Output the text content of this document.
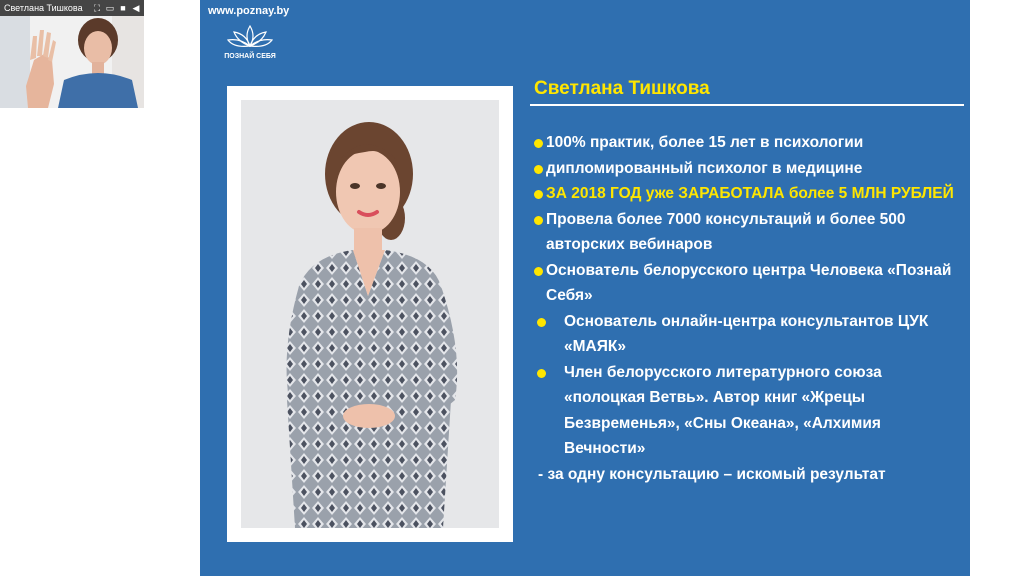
Светлана Тишкова ⛶ ▭ ■ ◀	www.poznay.by
ПОЗНАЙ СЕБЯ
Светлана Тишкова
100% практик, более 15 лет в психологии
дипломированный психолог в медицине
ЗА 2018 ГОД уже ЗАРАБОТАЛА более 5 МЛН РУБЛЕЙ
Провела более 7000 консультаций и более 500 авторских вебинаров
Основатель белорусского центра Человека «Познай Себя»
Основатель онлайн-центра консультантов ЦУК «МАЯК»
Член белорусского литературного союза «полоцкая Ветвь». Автор книг «Жрецы Безвременья», «Сны Океана», «Алхимия Вечности»
- за одну консультацию – искомый результат
